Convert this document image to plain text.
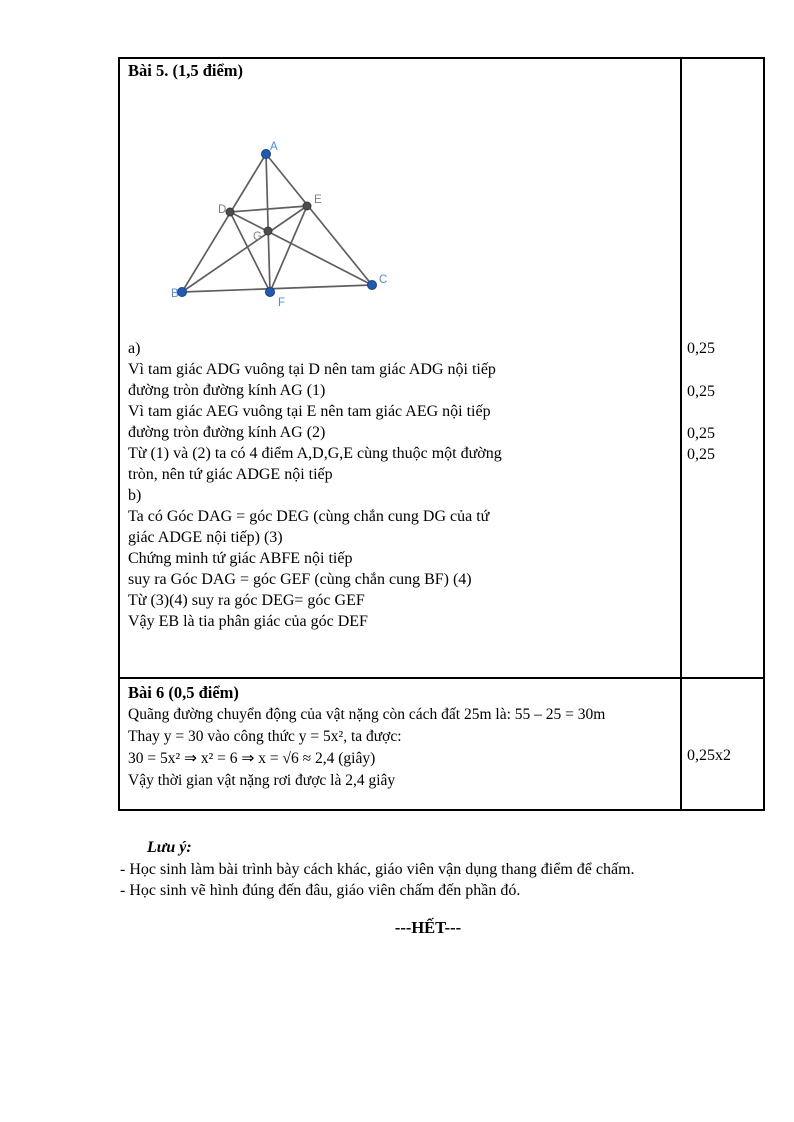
Bài 5. (1,5 điểm)
A
B
C
D
E
F
G
a)
Vì tam giác ADG vuông tại D nên tam giác ADG nội tiếp
đường tròn đường kính AG (1)
Vì tam giác AEG vuông tại E nên tam giác AEG nội tiếp
đường tròn đường kính AG (2)
Từ (1) và (2) ta có 4 điểm A,D,G,E cùng thuộc một đường
tròn, nên tứ giác ADGE nội tiếp
b)
Ta có Góc DAG = góc DEG (cùng chắn cung DG của tứ
giác ADGE nội tiếp) (3)
Chứng minh tứ giác ABFE nội tiếp
suy ra Góc DAG = góc GEF (cùng chắn cung BF) (4)
Từ (3)(4) suy ra góc DEG= góc GEF
Vậy EB là tia phân giác của góc DEF
0,25
0,25
0,25
0,25
Bài 6 (0,5 điểm)
Quãng đường chuyển động của vật nặng còn cách đất 25m là: 55 – 25 = 30m
Thay y = 30 vào công thức y = 5x², ta được:
30 = 5x² ⇒ x² = 6 ⇒ x = √6 ≈ 2,4 (giây)
Vậy thời gian vật nặng rơi được là 2,4 giây
0,25x2
Lưu ý:
- Học sinh làm bài trình bày cách khác, giáo viên vận dụng thang điểm để chấm.
- Học sinh vẽ hình đúng đến đâu, giáo viên chấm đến phần đó.
---HẾT---
